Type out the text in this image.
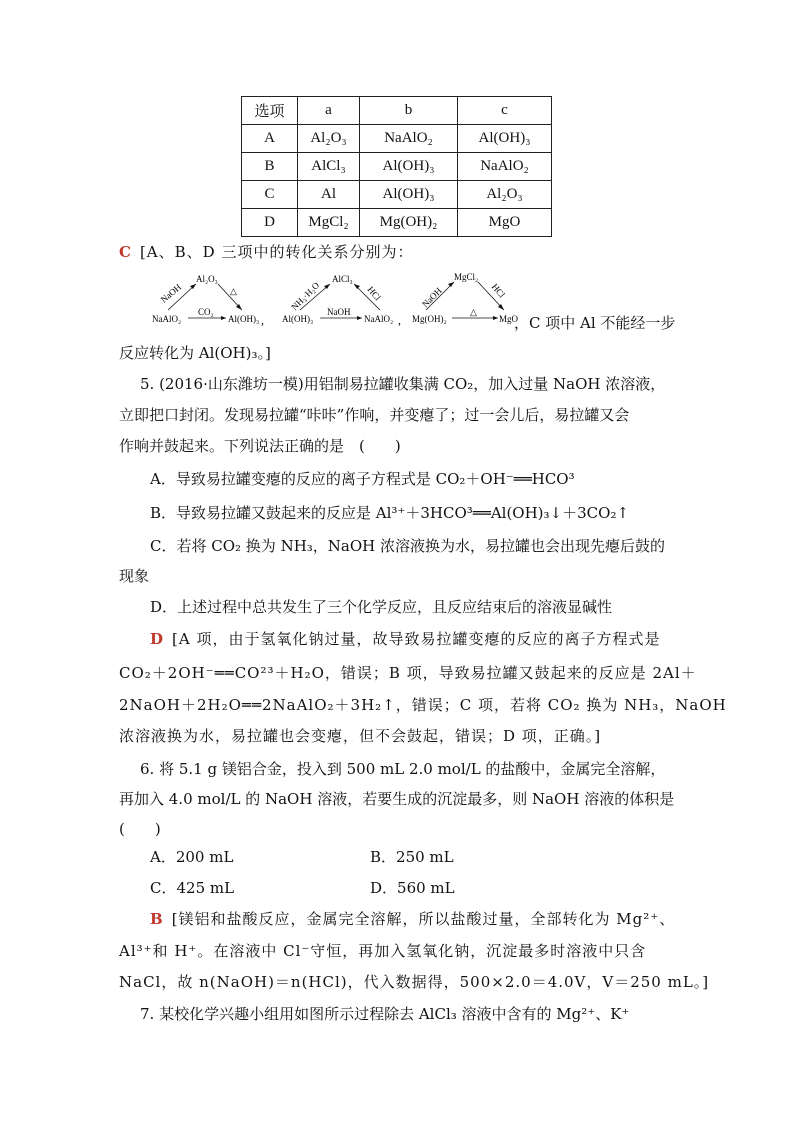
选项	a	b	c
A	Al₂O₃	NaAlO₂	Al(OH)₃
B	AlCl₃	Al(OH)₃	NaAlO₂
C	Al	Al(OH)₃	Al₂O₃
D	MgCl₂	Mg(OH)₂	MgO
C [A、B、D 三项中的转化关系分别为：
Al₂O₃
NaOH	△
NaAlO₂
CO₂
Al(OH)₃ ,
AlCl₃
NH₃·H₂O	HCl
Al(OH)₃
NaOH
NaAlO₂ ,
MgCl₂
NaOH	HCl
Mg(OH)₂
△
MgO
，C 项中 Al 不能经一步
反应转化为 Al(OH)₃。]
5. (2016·山东潍坊一模)用铝制易拉罐收集满 CO₂，加入过量 NaOH 浓溶液，
立即把口封闭。发现易拉罐“咔咔”作响，并变瘪了；过一会儿后，易拉罐又会
作响并鼓起来。下列说法正确的是　(　　)
A．导致易拉罐变瘪的反应的离子方程式是 CO₂＋OH⁻══HCO³
B．导致易拉罐又鼓起来的反应是 Al³⁺＋3HCO³══Al(OH)₃↓＋3CO₂↑
C．若将 CO₂ 换为 NH₃，NaOH 浓溶液换为水，易拉罐也会出现先瘪后鼓的
现象
D．上述过程中总共发生了三个化学反应，且反应结束后的溶液显碱性
D [A 项，由于氢氧化钠过量，故导致易拉罐变瘪的反应的离子方程式是
CO₂＋2OH⁻══CO²³＋H₂O，错误；B 项，导致易拉罐又鼓起来的反应是 2Al＋
2NaOH＋2H₂O══2NaAlO₂＋3H₂↑，错误；C 项，若将 CO₂ 换为 NH₃，NaOH
浓溶液换为水，易拉罐也会变瘪，但不会鼓起，错误；D 项，正确。]
6. 将 5.1 g 镁铝合金，投入到 500 mL 2.0 mol/L 的盐酸中，金属完全溶解，
再加入 4.0 mol/L 的 NaOH 溶液，若要生成的沉淀最多，则 NaOH 溶液的体积是
(　　)
A．200 mL	B．250 mL
C．425 mL	D．560 mL
B [镁铝和盐酸反应，金属完全溶解，所以盐酸过量，全部转化为 Mg²⁺、
Al³⁺和 H⁺。在溶液中 Cl⁻守恒，再加入氢氧化钠，沉淀最多时溶液中只含
NaCl，故 n(NaOH)＝n(HCl)，代入数据得，500×2.0＝4.0V，V＝250 mL。]
7. 某校化学兴趣小组用如图所示过程除去 AlCl₃ 溶液中含有的 Mg²⁺、K⁺
